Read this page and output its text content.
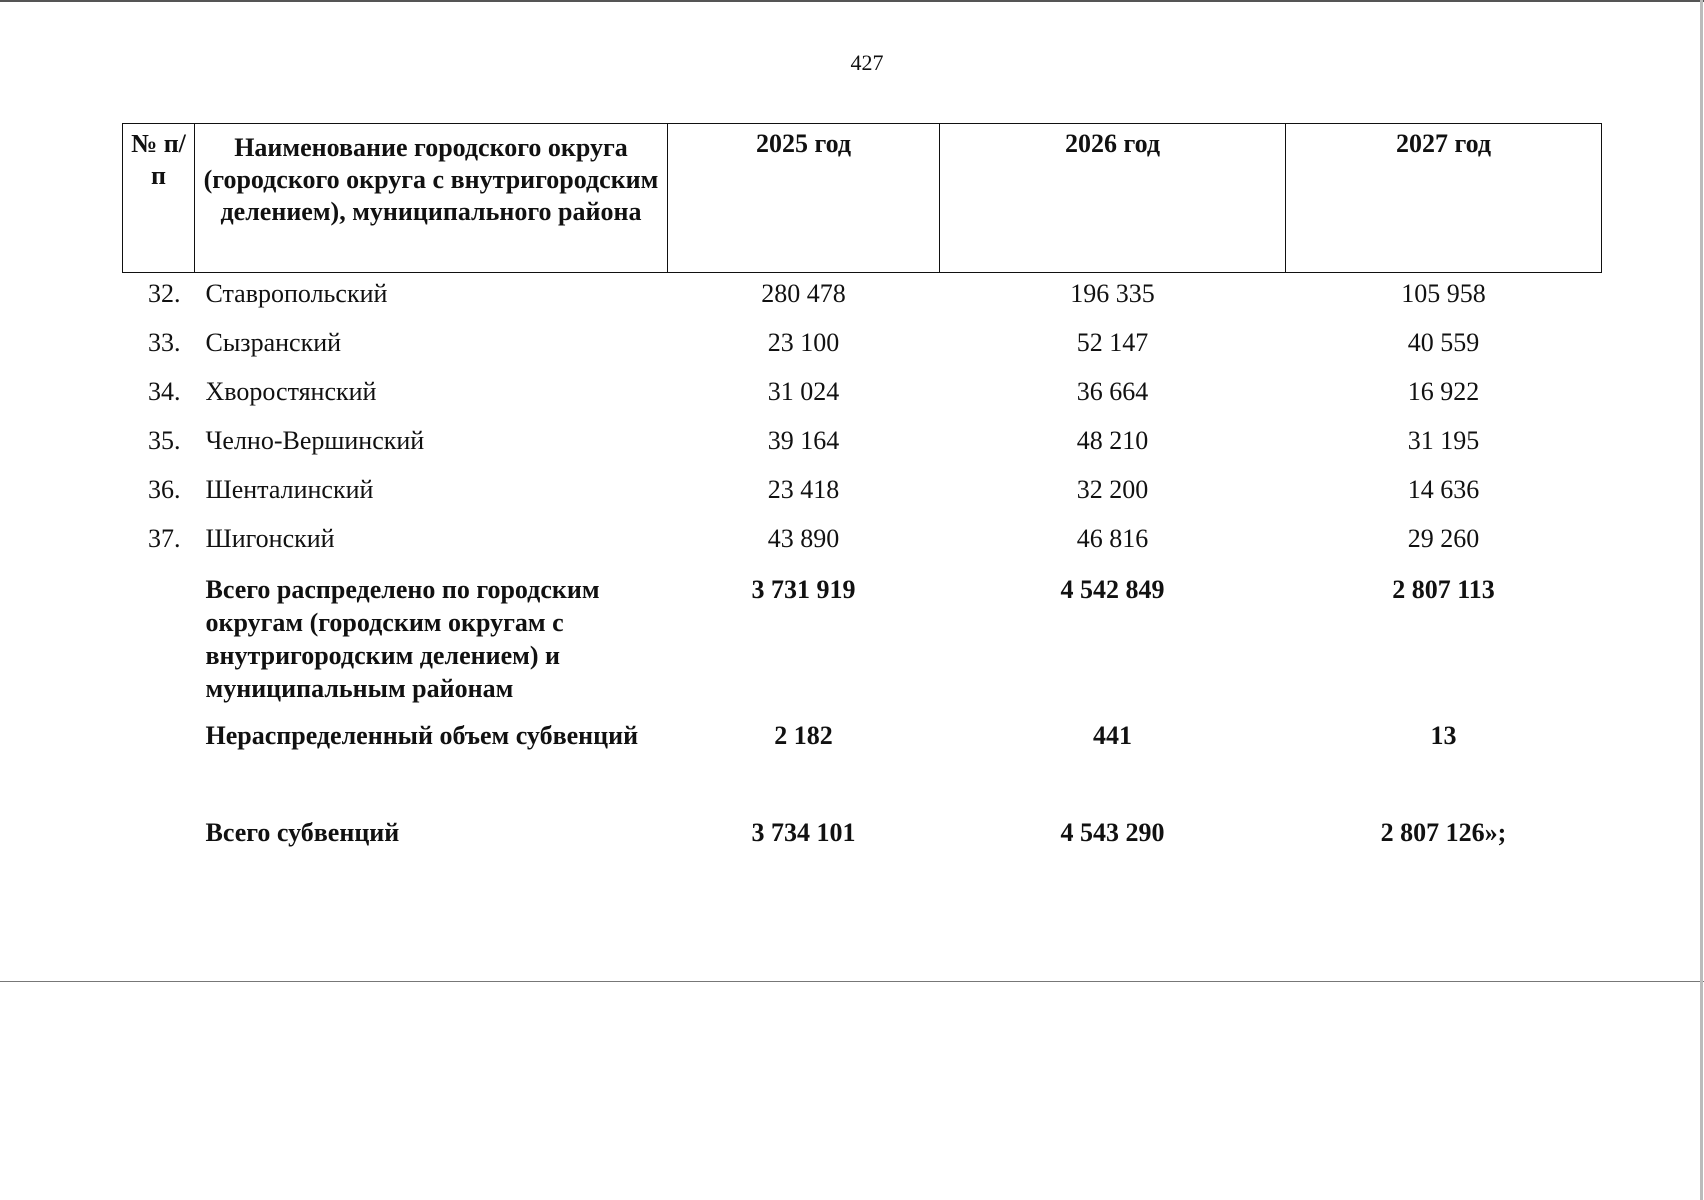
427
№ п/п	Наименование городского округа (городского округа с внутригородским делением), муниципального района	2025 год	2026 год	2027 год
32.	Ставропольский	280 478	196 335	105 958
33.	Сызранский	23 100	52 147	40 559
34.	Хворостянский	31 024	36 664	16 922
35.	Челно-Вершинский	39 164	48 210	31 195
36.	Шенталинский	23 418	32 200	14 636
37.	Шигонский	43 890	46 816	29 260
	Всего распределено по городским округам (городским округам с внутригородским делением) и муниципальным районам	3 731 919	4 542 849	2 807 113
	Нераспределенный объем субвенций	2 182	441	13
	Всего субвенций	3 734 101	4 543 290	2 807 126»;
